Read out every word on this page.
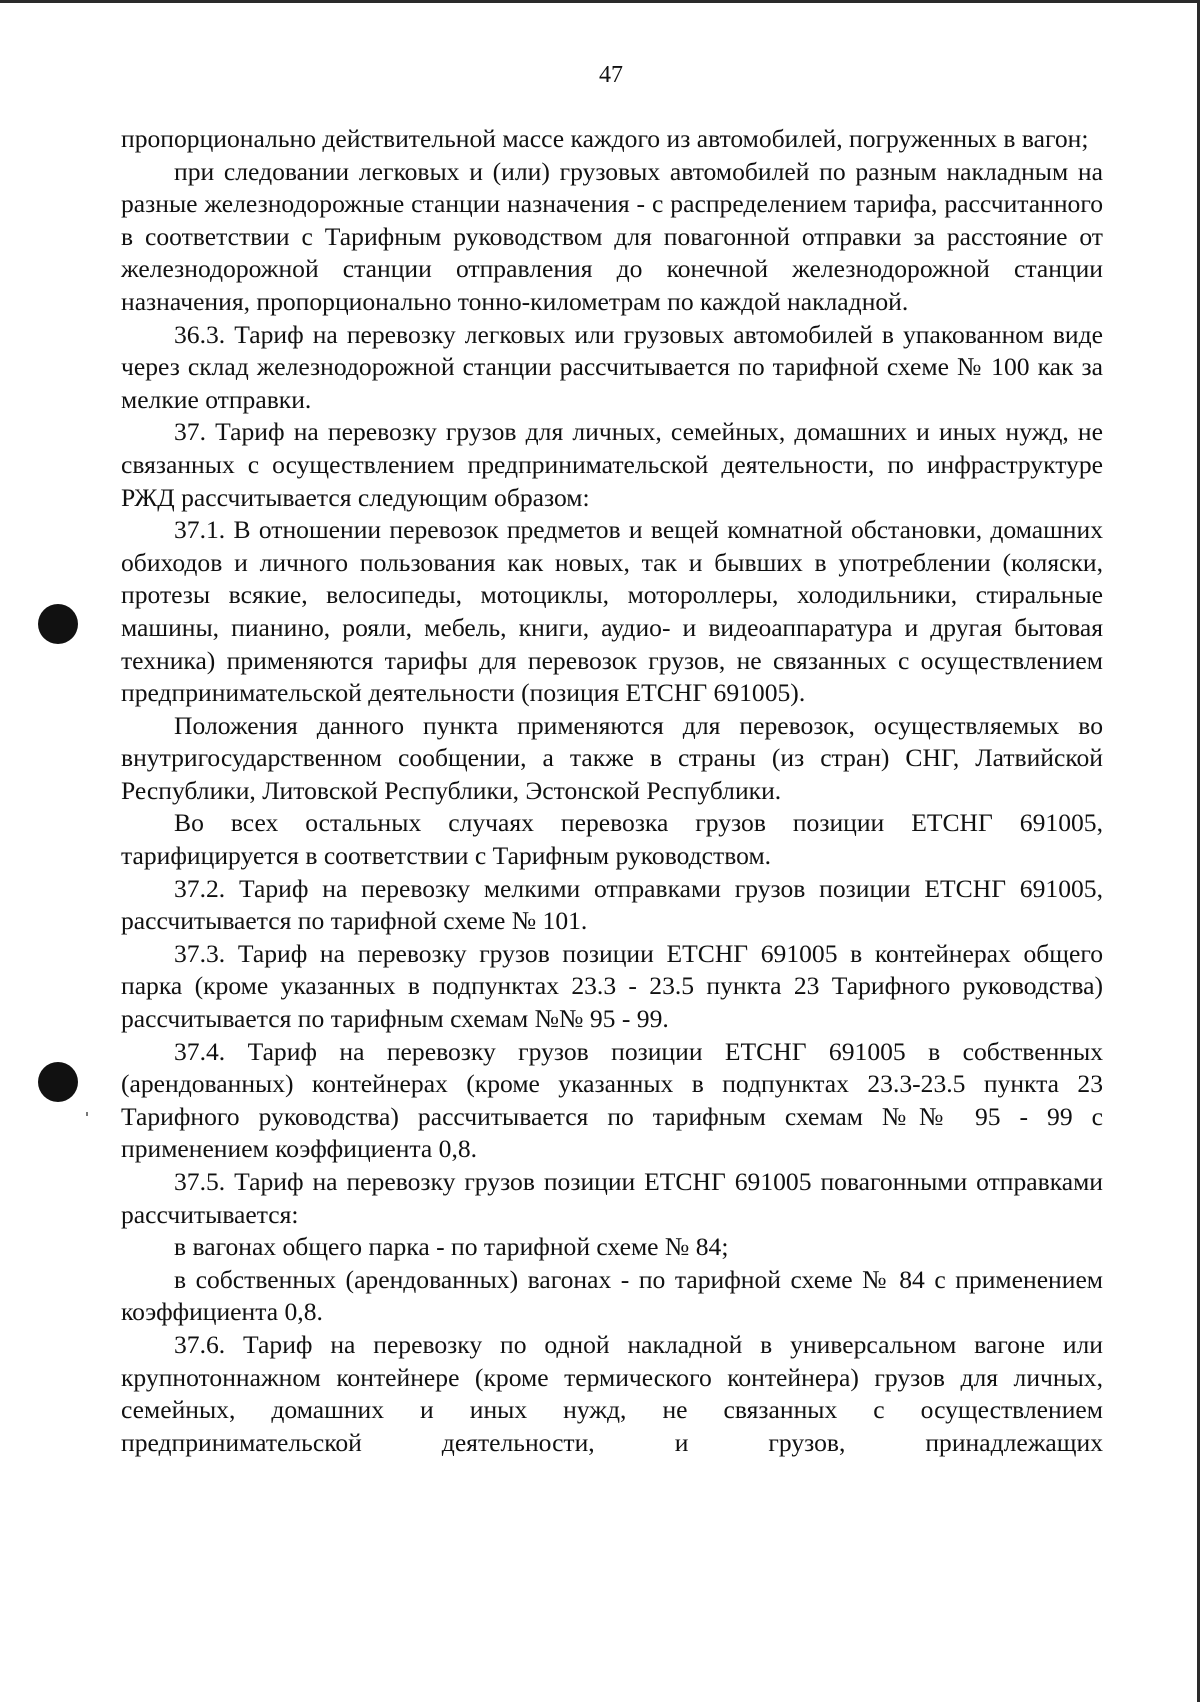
47

пропорционально действительной массе каждого из автомобилей, погруженных в вагон;

при следовании легковых и (или) грузовых автомобилей по разным накладным на разные железнодорожные станции назначения - с распределением тарифа, рассчитанного в соответствии с Тарифным руководством для повагонной отправки за расстояние от железнодорожной станции отправления до конечной железнодорожной станции назначения, пропорционально тонно-километрам по каждой накладной.

36.3. Тариф на перевозку легковых или грузовых автомобилей в упакованном виде через склад железнодорожной станции рассчитывается по тарифной схеме № 100 как за мелкие отправки.

37. Тариф на перевозку грузов для личных, семейных, домашних и иных нужд, не связанных с осуществлением предпринимательской деятельности, по инфраструктуре РЖД рассчитывается следующим образом:

37.1. В отношении перевозок предметов и вещей комнатной обстановки, домашних обиходов и личного пользования как новых, так и бывших в употреблении (коляски, протезы всякие, велосипеды, мотоциклы, мотороллеры, холодильники, стиральные машины, пианино, рояли, мебель, книги, аудио- и видеоаппаратура и другая бытовая техника) применяются тарифы для перевозок грузов, не связанных с осуществлением предпринимательской деятельности (позиция ЕТСНГ 691005).

Положения данного пункта применяются для перевозок, осуществляемых во внутригосударственном сообщении, а также в страны (из стран) СНГ, Латвийской Республики, Литовской Республики, Эстонской Республики.

Во всех остальных случаях перевозка грузов позиции ЕТСНГ 691005, тарифицируется в соответствии с Тарифным руководством.

37.2. Тариф на перевозку мелкими отправками грузов позиции ЕТСНГ 691005, рассчитывается по тарифной схеме № 101.

37.3. Тариф на перевозку грузов позиции ЕТСНГ 691005 в контейнерах общего парка (кроме указанных в подпунктах 23.3 - 23.5 пункта 23 Тарифного руководства) рассчитывается по тарифным схемам №№ 95 - 99.

37.4. Тариф на перевозку грузов позиции ЕТСНГ 691005 в собственных (арендованных) контейнерах (кроме указанных в подпунктах 23.3-23.5 пункта 23 Тарифного руководства) рассчитывается по тарифным схемам №№ 95 - 99 с применением коэффициента 0,8.

37.5. Тариф на перевозку грузов позиции ЕТСНГ 691005 повагонными отправками рассчитывается:

в вагонах общего парка - по тарифной схеме № 84;

в собственных (арендованных) вагонах - по тарифной схеме № 84 с применением коэффициента 0,8.

37.6. Тариф на перевозку по одной накладной в универсальном вагоне или крупнотоннажном контейнере (кроме термического контейнера) грузов для личных, семейных, домашних и иных нужд, не связанных с осуществлением предпринимательской деятельности, и грузов, принадлежащих
